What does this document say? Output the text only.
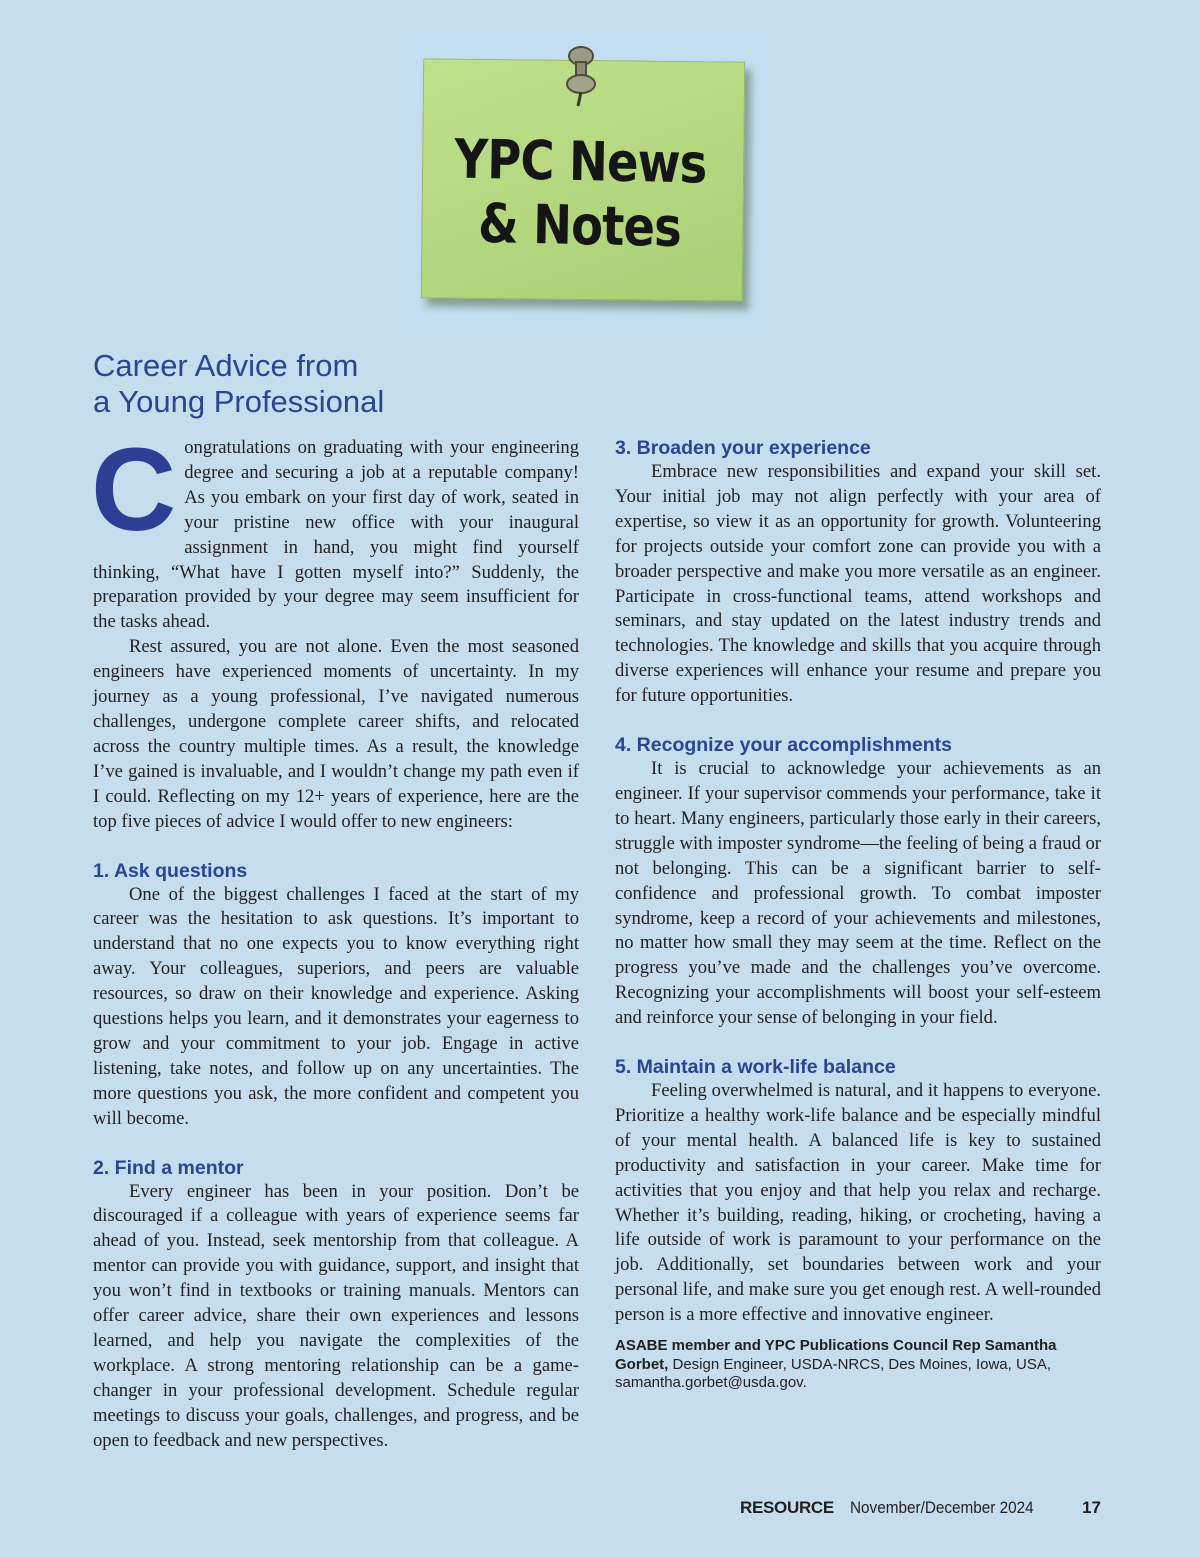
YPC News
& Notes
Career Advice from
a Young Professional

Congratulations on graduating with your engineering degree and securing a job at a reputable company! As you embark on your first day of work, seated in your pristine new office with your inaugural assignment in hand, you might find yourself thinking, “What have I gotten myself into?” Suddenly, the preparation provided by your degree may seem insufficient for the tasks ahead.

Rest assured, you are not alone. Even the most seasoned engineers have experienced moments of uncertainty. In my journey as a young professional, I’ve navigated numerous challenges, undergone complete career shifts, and relocated across the country multiple times. As a result, the knowledge I’ve gained is invaluable, and I wouldn’t change my path even if I could. Reflecting on my 12+ years of experience, here are the top five pieces of advice I would offer to new engineers:

1. Ask questions

One of the biggest challenges I faced at the start of my career was the hesitation to ask questions. It’s important to understand that no one expects you to know everything right away. Your colleagues, superiors, and peers are valuable resources, so draw on their knowledge and experience. Asking questions helps you learn, and it demonstrates your eagerness to grow and your commitment to your job. Engage in active listening, take notes, and follow up on any uncertainties. The more questions you ask, the more confident and competent you will become.

2. Find a mentor

Every engineer has been in your position. Don’t be discouraged if a colleague with years of experience seems far ahead of you. Instead, seek mentorship from that colleague. A mentor can provide you with guidance, support, and insight that you won’t find in textbooks or training manuals. Mentors can offer career advice, share their own experiences and lessons learned, and help you navigate the complexities of the workplace. A strong mentoring relationship can be a game-changer in your professional development. Schedule regular meetings to discuss your goals, challenges, and progress, and be open to feedback and new perspectives.

3. Broaden your experience

Embrace new responsibilities and expand your skill set. Your initial job may not align perfectly with your area of expertise, so view it as an opportunity for growth. Volunteering for projects outside your comfort zone can provide you with a broader perspective and make you more versatile as an engineer. Participate in cross-functional teams, attend workshops and seminars, and stay updated on the latest industry trends and technologies. The knowledge and skills that you acquire through diverse experiences will enhance your resume and prepare you for future opportunities.

4. Recognize your accomplishments

It is crucial to acknowledge your achievements as an engineer. If your supervisor commends your performance, take it to heart. Many engineers, particularly those early in their careers, struggle with imposter syndrome—the feeling of being a fraud or not belonging. This can be a significant barrier to self-confidence and professional growth. To combat imposter syndrome, keep a record of your achievements and milestones, no matter how small they may seem at the time. Reflect on the progress you’ve made and the challenges you’ve overcome. Recognizing your accomplishments will boost your self-esteem and reinforce your sense of belonging in your field.

5. Maintain a work-life balance

Feeling overwhelmed is natural, and it happens to everyone. Prioritize a healthy work-life balance and be especially mindful of your mental health. A balanced life is key to sustained productivity and satisfaction in your career. Make time for activities that you enjoy and that help you relax and recharge. Whether it’s building, reading, hiking, or crocheting, having a life outside of work is paramount to your performance on the job. Additionally, set boundaries between work and your personal life, and make sure you get enough rest. A well-rounded person is a more effective and innovative engineer.

ASABE member and YPC Publications Council Rep Samantha Gorbet, Design Engineer, USDA-NRCS, Des Moines, Iowa, USA, samantha.gorbet@usda.gov.
RESOURCE November/December 2024	17
